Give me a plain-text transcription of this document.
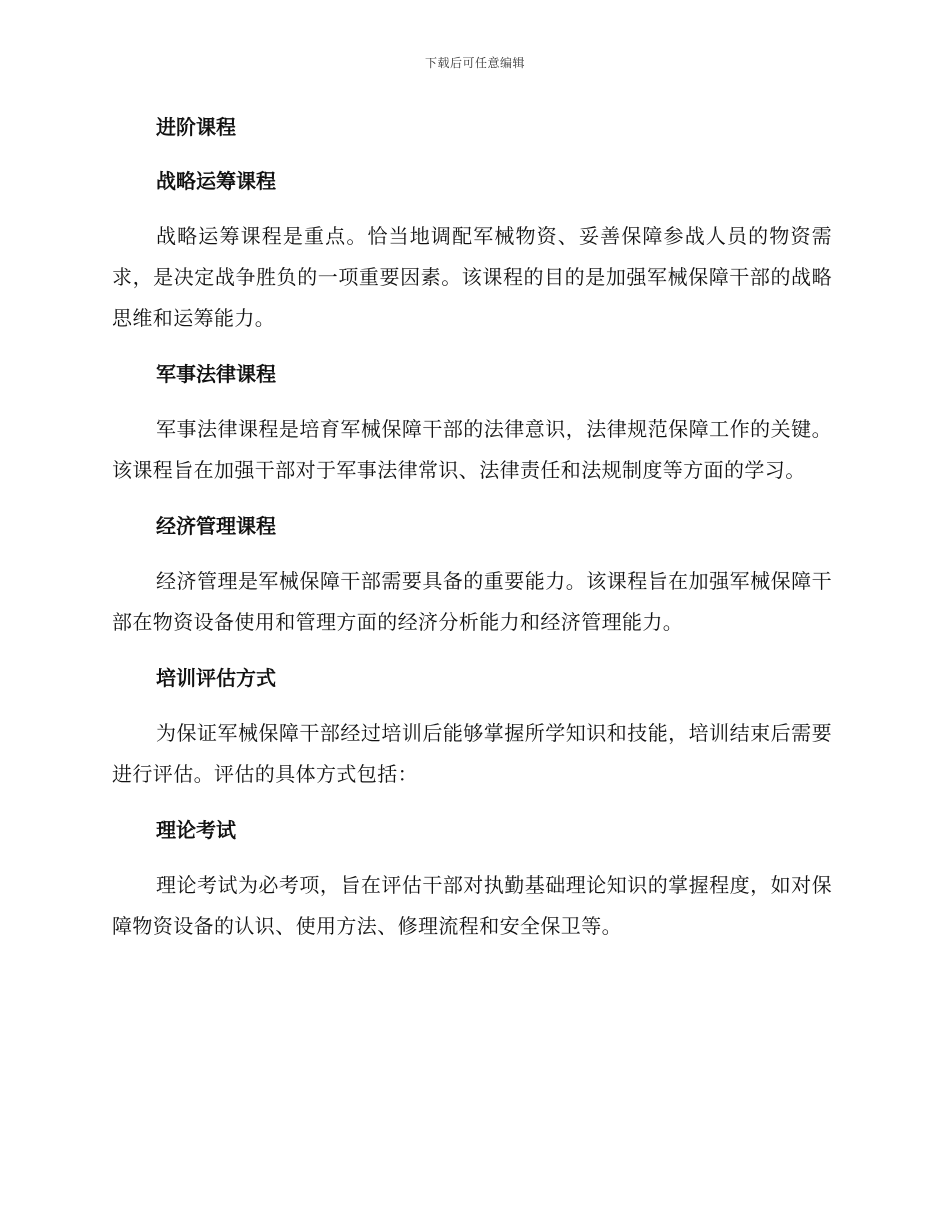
下载后可任意编辑
进阶课程
战略运筹课程

战略运筹课程是重点。恰当地调配军械物资、妥善保障参战人员的物资需求，是决定战争胜负的一项重要因素。该课程的目的是加强军械保障干部的战略思维和运筹能力。

军事法律课程

军事法律课程是培育军械保障干部的法律意识，法律规范保障工作的关键。该课程旨在加强干部对于军事法律常识、法律责任和法规制度等方面的学习。

经济管理课程

经济管理是军械保障干部需要具备的重要能力。该课程旨在加强军械保障干部在物资设备使用和管理方面的经济分析能力和经济管理能力。

培训评估方式

为保证军械保障干部经过培训后能够掌握所学知识和技能，培训结束后需要进行评估。评估的具体方式包括：

理论考试

理论考试为必考项，旨在评估干部对执勤基础理论知识的掌握程度，如对保障物资设备的认识、使用方法、修理流程和安全保卫等。
